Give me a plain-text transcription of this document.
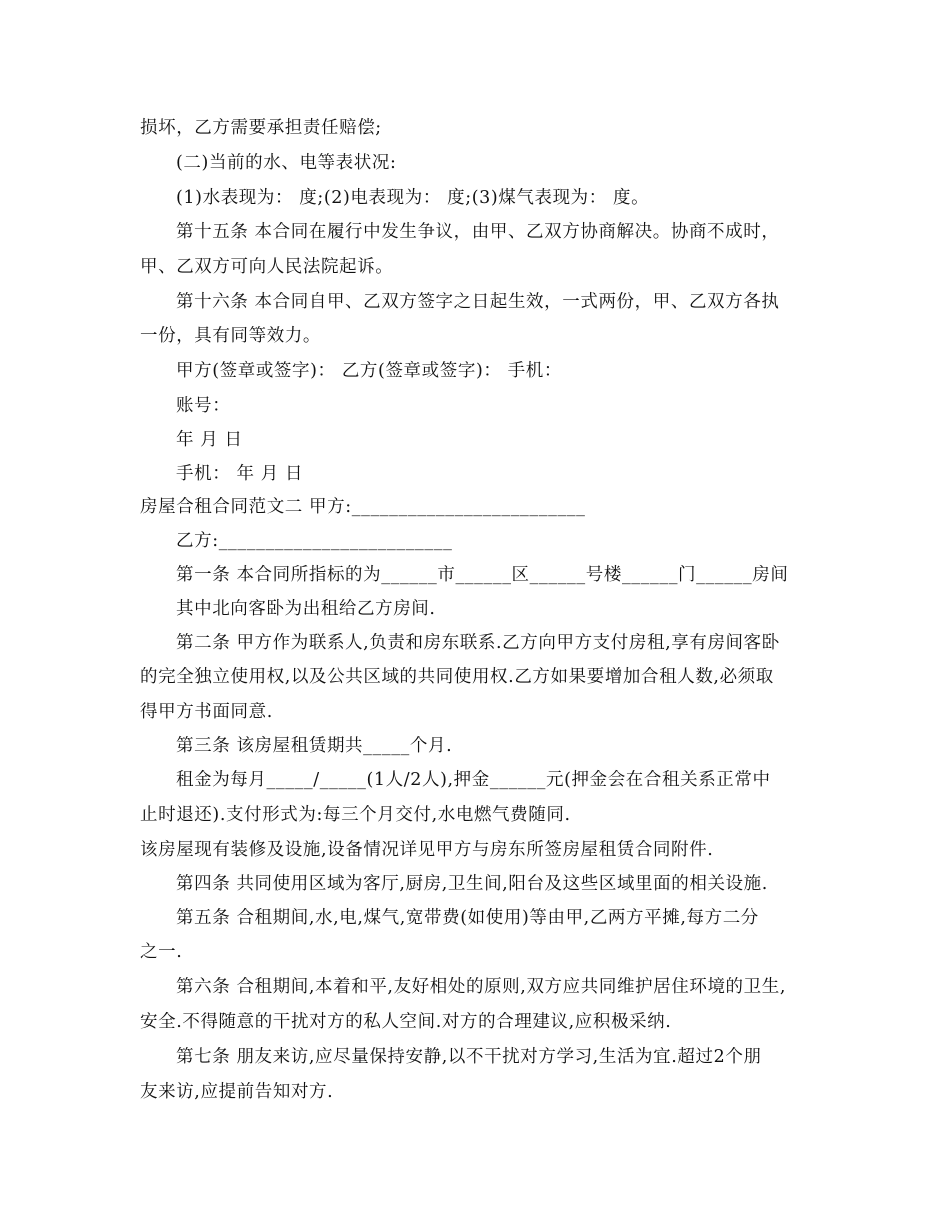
损坏，乙方需要承担责任赔偿;
(二)当前的水、电等表状况:
(1)水表现为： 度;(2)电表现为： 度;(3)煤气表现为： 度。
第十五条 本合同在履行中发生争议，由甲、乙双方协商解决。协商不成时，
甲、乙双方可向人民法院起诉。
第十六条 本合同自甲、乙双方签字之日起生效，一式两份，甲、乙双方各执
一份，具有同等效力。
甲方(签章或签字)： 乙方(签章或签字)： 手机：
账号：
年 月 日
手机： 年 月 日
房屋合租合同范文二 甲方:_________________________
乙方:_________________________
第一条 本合同所指标的为______市______区______号楼______门______房间
其中北向客卧为出租给乙方房间.
第二条 甲方作为联系人,负责和房东联系.乙方向甲方支付房租,享有房间客卧
的完全独立使用权,以及公共区域的共同使用权.乙方如果要增加合租人数,必须取
得甲方书面同意.
第三条 该房屋租赁期共_____个月.
租金为每月_____/_____(1人/2人),押金______元(押金会在合租关系正常中
止时退还).支付形式为:每三个月交付,水电燃气费随同.
该房屋现有装修及设施,设备情况详见甲方与房东所签房屋租赁合同附件.
第四条 共同使用区域为客厅,厨房,卫生间,阳台及这些区域里面的相关设施.
第五条 合租期间,水,电,煤气,宽带费(如使用)等由甲,乙两方平摊,每方二分
之一.
第六条 合租期间,本着和平,友好相处的原则,双方应共同维护居住环境的卫生,
安全.不得随意的干扰对方的私人空间.对方的合理建议,应积极采纳.
第七条 朋友来访,应尽量保持安静,以不干扰对方学习,生活为宜.超过2个朋
友来访,应提前告知对方.
